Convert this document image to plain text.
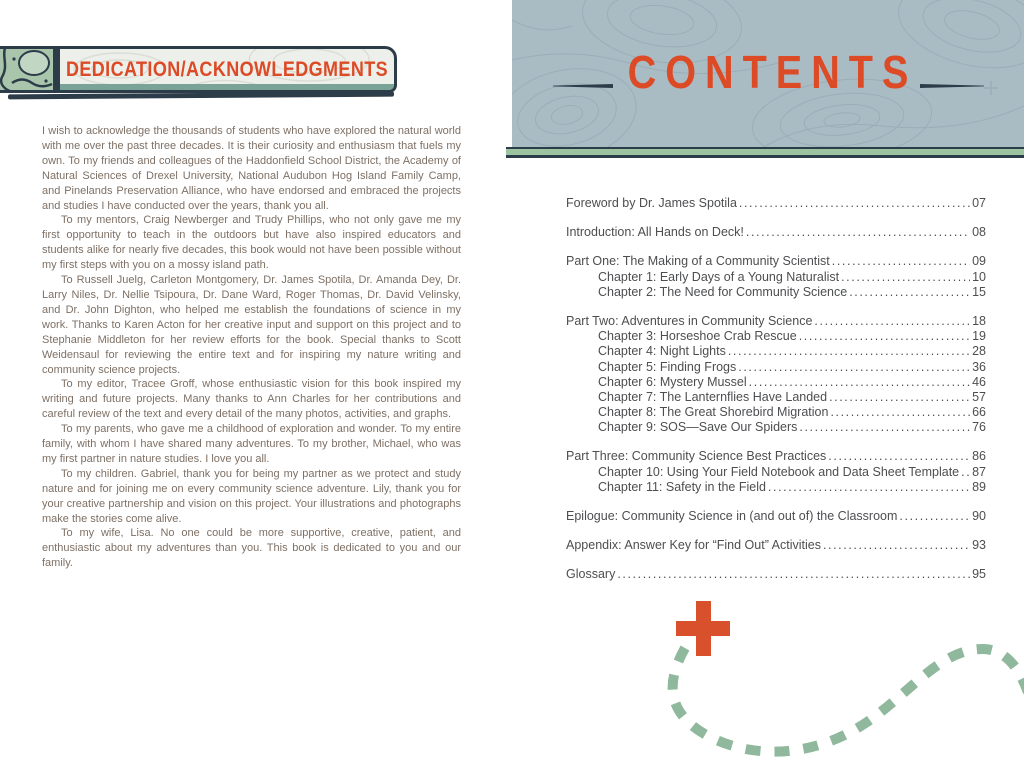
DEDICATION/ACKNOWLEDGMENTS

I wish to acknowledge the thousands of students who have explored the natural world with me over the past three decades. It is their curiosity and enthusiasm that fuels my own. To my friends and colleagues of the Haddonfield School District, the Academy of Natural Sciences of Drexel University, National Audubon Hog Island Family Camp, and Pinelands Preservation Alliance, who have endorsed and embraced the projects and studies I have conducted over the years, thank you all.

To my mentors, Craig Newberger and Trudy Phillips, who not only gave me my first opportunity to teach in the outdoors but have also inspired educators and students alike for nearly five decades, this book would not have been possible without my first steps with you on a mossy island path.

To Russell Juelg, Carleton Montgomery, Dr. James Spotila, Dr. Amanda Dey, Dr. Larry Niles, Dr. Nellie Tsipoura, Dr. Dane Ward, Roger Thomas, Dr. David Velinsky, and Dr. John Dighton, who helped me establish the foundations of science in my work. Thanks to Karen Acton for her creative input and support on this project and to Stephanie Middleton for her review efforts for the book. Special thanks to Scott Weidensaul for reviewing the entire text and for inspiring my nature writing and community science projects.

To my editor, Tracee Groff, whose enthusiastic vision for this book inspired my writing and future projects. Many thanks to Ann Charles for her contributions and careful review of the text and every detail of the many photos, activities, and graphs.

To my parents, who gave me a childhood of exploration and wonder. To my entire family, with whom I have shared many adventures. To my brother, Michael, who was my first partner in nature studies. I love you all.

To my children. Gabriel, thank you for being my partner as we protect and study nature and for joining me on every community science adventure. Lily, thank you for your creative partnership and vision on this project. Your illustrations and photographs make the stories come alive.

To my wife, Lisa. No one could be more supportive, creative, patient, and enthusiastic about my adventures than you. This book is dedicated to you and our family.

CONTENTS
Foreword by Dr. James Spotila .....	07
Introduction: All Hands on Deck! .....	08
Part One: The Making of a Community Scientist .....	09
Chapter 1: Early Days of a Young Naturalist .....	10
Chapter 2: The Need for Community Science .....	15
Part Two: Adventures in Community Science .....	18
Chapter 3: Horseshoe Crab Rescue .....	19
Chapter 4: Night Lights .....	28
Chapter 5: Finding Frogs .....	36
Chapter 6: Mystery Mussel .....	46
Chapter 7: The Lanternflies Have Landed .....	57
Chapter 8: The Great Shorebird Migration .....	66
Chapter 9: SOS—Save Our Spiders .....	76
Part Three: Community Science Best Practices .....	86
Chapter 10: Using Your Field Notebook and Data Sheet Template ..... 87
Chapter 11: Safety in the Field .....	89
Epilogue: Community Science in (and out of) the Classroom .....	90
Appendix: Answer Key for “Find Out” Activities .....	93
Glossary .....	95
